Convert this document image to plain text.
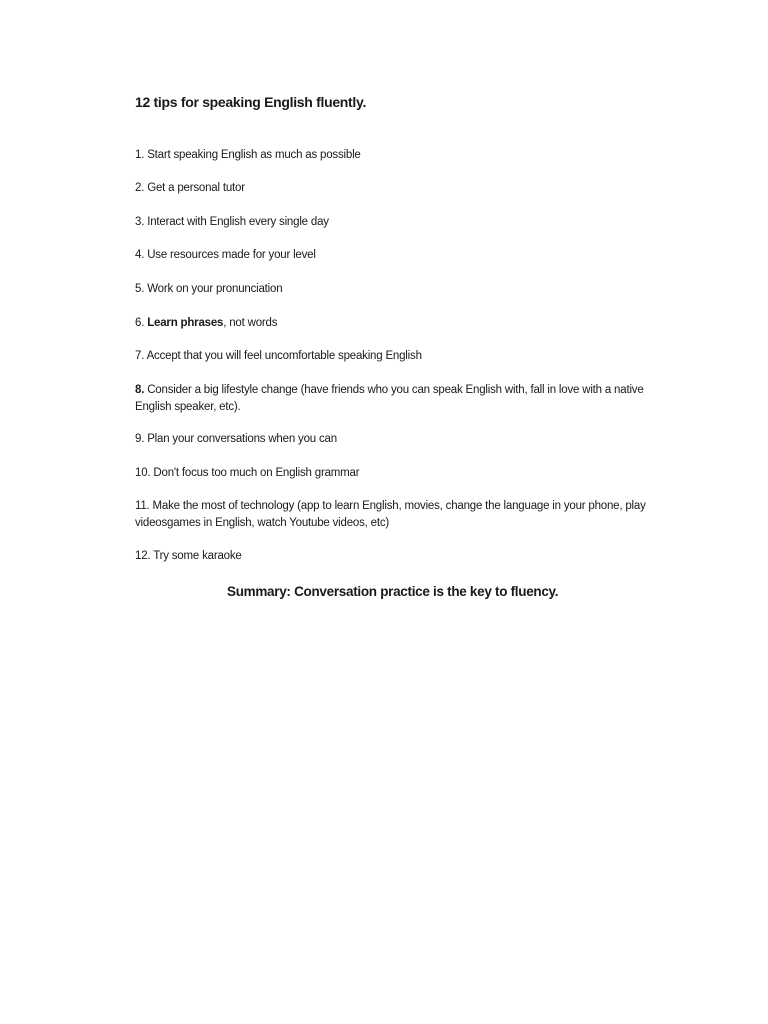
12 tips for speaking English fluently.
1. Start speaking English as much as possible
2. Get a personal tutor
3. Interact with English every single day
4. Use resources made for your level
5. Work on your pronunciation
6. Learn phrases, not words
7. Accept that you will feel uncomfortable speaking English
8. Consider a big lifestyle change (have friends who you can speak English with, fall in love with a native English speaker, etc).
9. Plan your conversations when you can
10. Don't focus too much on English grammar
11. Make the most of technology (app to learn English, movies, change the language in your phone, play videosgames in English, watch Youtube videos, etc)
12. Try some karaoke
Summary: Conversation practice is the key to fluency.
